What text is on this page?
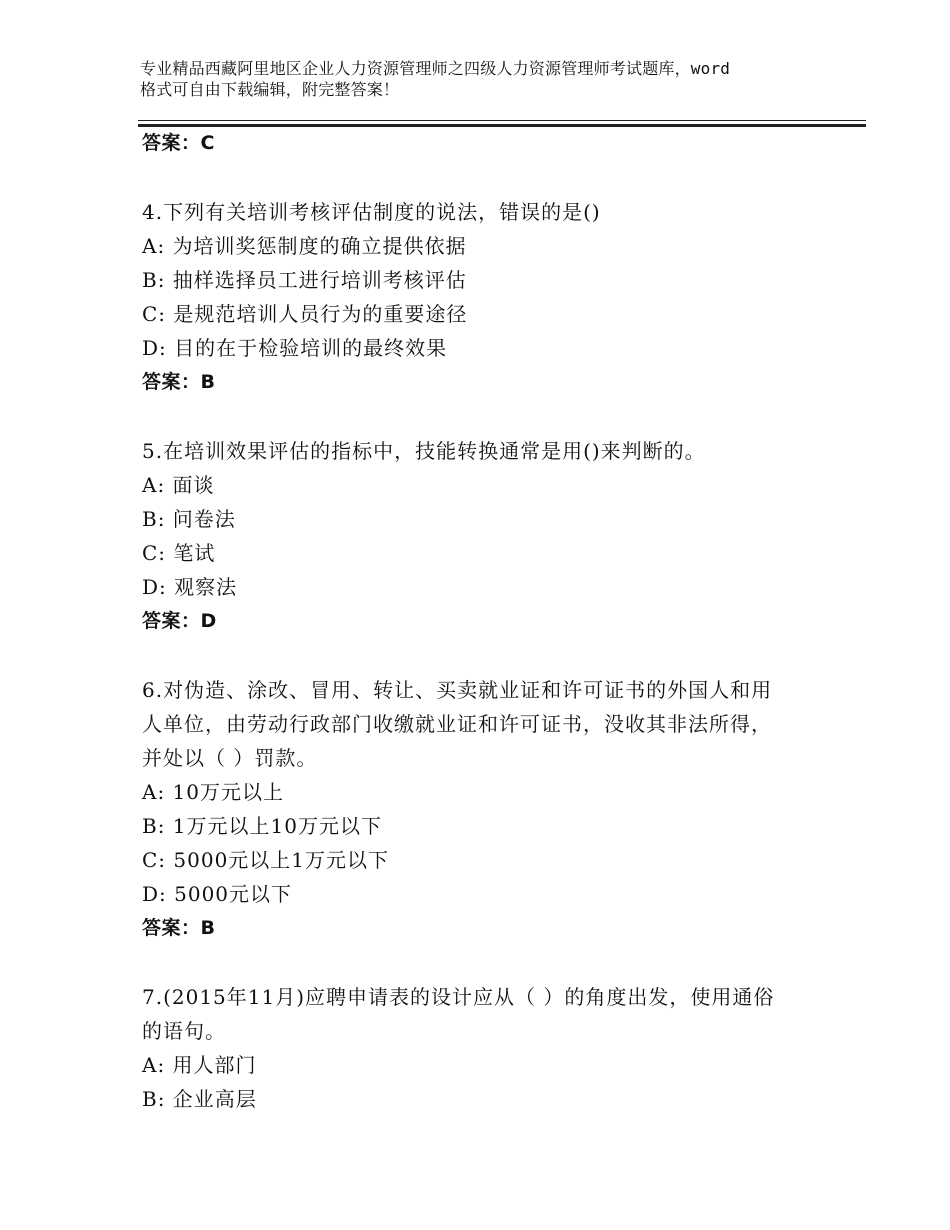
专业精品西藏阿里地区企业人力资源管理师之四级人力资源管理师考试题库，word
格式可自由下载编辑，附完整答案！
答案：C
4.下列有关培训考核评估制度的说法，错误的是()
A: 为培训奖惩制度的确立提供依据
B: 抽样选择员工进行培训考核评估
C: 是规范培训人员行为的重要途径
D: 目的在于检验培训的最终效果
答案：B
5.在培训效果评估的指标中，技能转换通常是用()来判断的。
A: 面谈
B: 问卷法
C: 笔试
D: 观察法
答案：D
6.对伪造、涂改、冒用、转让、买卖就业证和许可证书的外国人和用
人单位，由劳动行政部门收缴就业证和许可证书，没收其非法所得，
并处以（ ）罚款。
A: 10万元以上
B: 1万元以上10万元以下
C: 5000元以上1万元以下
D: 5000元以下
答案：B
7.(2015年11月)应聘申请表的设计应从（ ）的角度出发，使用通俗
的语句。
A: 用人部门
B: 企业高层
